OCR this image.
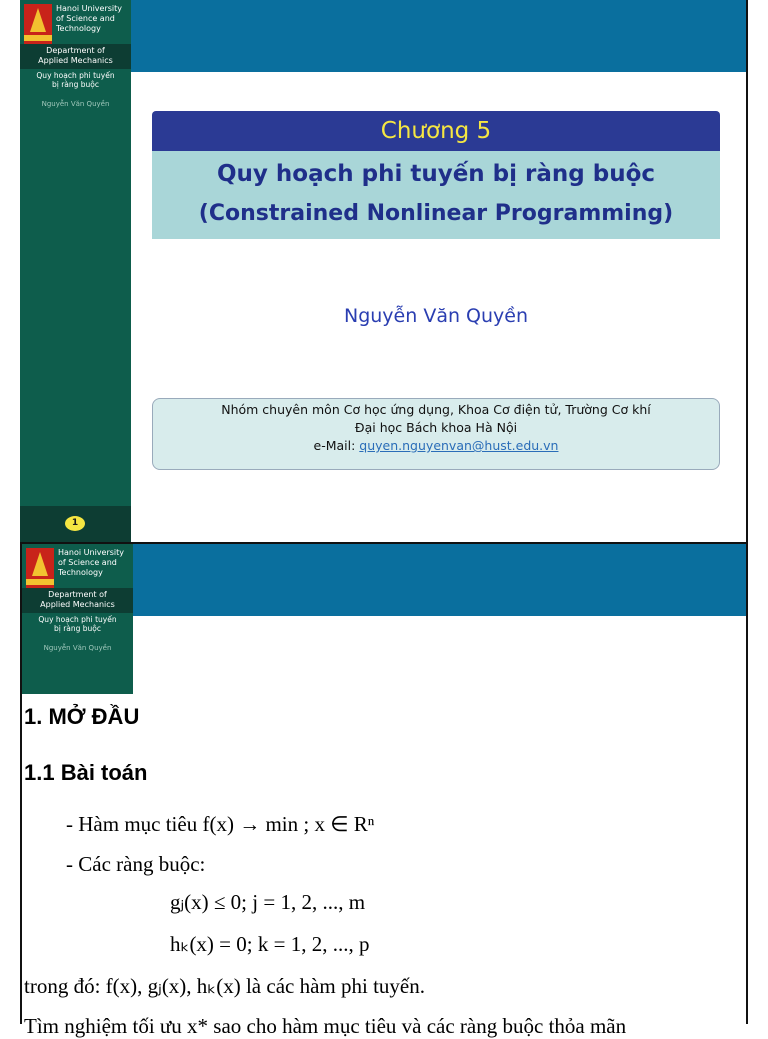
Hanoi University
of Science and
Technology
Department of
Applied Mechanics
Quy hoạch phi tuyến
bị ràng buộc
Nguyễn Văn Quyền
1
Chương 5
Quy hoạch phi tuyến bị ràng buộc
(Constrained Nonlinear Programming)
Nguyễn Văn Quyền
Nhóm chuyên môn Cơ học ứng dụng, Khoa Cơ điện tử, Trường Cơ khí
Đại học Bách khoa Hà Nội
e-Mail: quyen.nguyenvan@hust.edu.vn
Hanoi University
of Science and
Technology
Department of
Applied Mechanics
Quy hoạch phi tuyến
bị ràng buộc
Nguyễn Văn Quyền
1. MỞ ĐẦU
1.1 Bài toán
- Hàm mục tiêu f(x) → min ; x ∈ Rⁿ
- Các ràng buộc:
gⱼ(x) ≤ 0; j = 1, 2, ..., m
hₖ(x) = 0; k = 1, 2, ..., p
trong đó: f(x), gⱼ(x), hₖ(x) là các hàm phi tuyến.
Tìm nghiệm tối ưu x* sao cho hàm mục tiêu và các ràng buộc thỏa mãn
